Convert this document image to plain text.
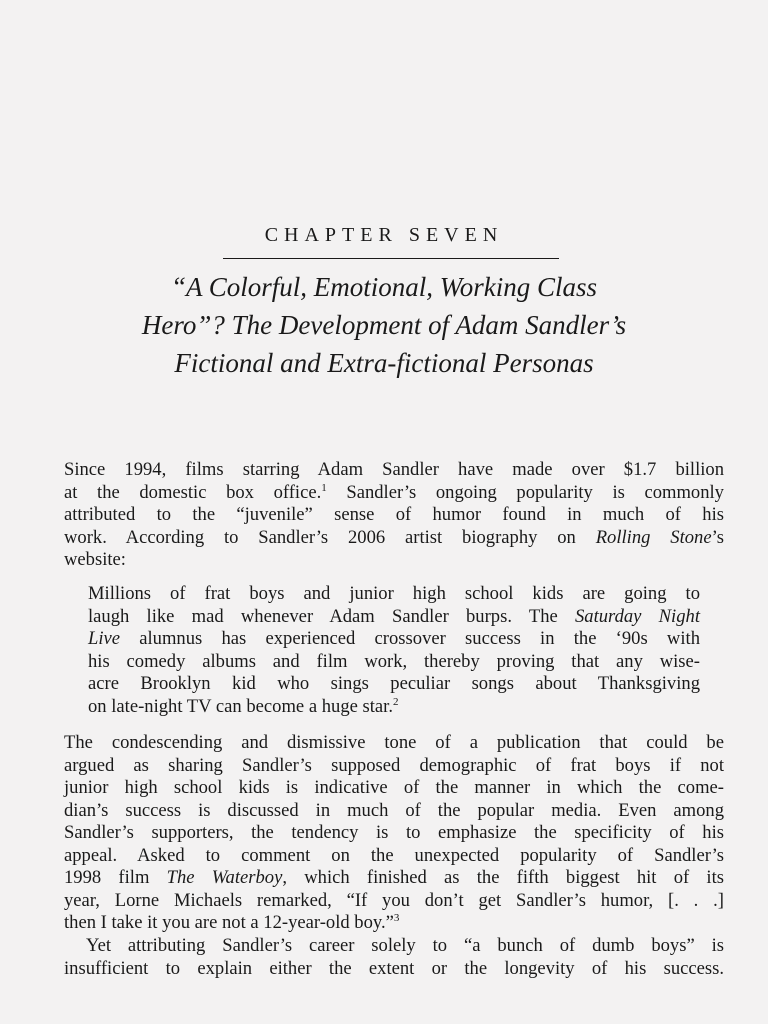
CHAPTER SEVEN
“A Colorful, Emotional, Working Class
Hero”? The Development of Adam Sandler’s
Fictional and Extra-fictional Personas
Since 1994, films starring Adam Sandler have made over $1.7 billion
at the domestic box office.$^1$ Sandler’s ongoing popularity is commonly
attributed to the “juvenile” sense of humor found in much of his
work. According to Sandler’s 2006 artist biography on Rolling Stone’s
website:
Millions of frat boys and junior high school kids are going to
laugh like mad whenever Adam Sandler burps. The Saturday Night
Live alumnus has experienced crossover success in the ‘90s with
his comedy albums and film work, thereby proving that any wise-
acre Brooklyn kid who sings peculiar songs about Thanksgiving
on late-night TV can become a huge star.$^2$
The condescending and dismissive tone of a publication that could be
argued as sharing Sandler’s supposed demographic of frat boys if not
junior high school kids is indicative of the manner in which the come-
dian’s success is discussed in much of the popular media. Even among
Sandler’s supporters, the tendency is to emphasize the specificity of his
appeal. Asked to comment on the unexpected popularity of Sandler’s
1998 film The Waterboy, which finished as the fifth biggest hit of its
year, Lorne Michaels remarked, “If you don’t get Sandler’s humor, [. . .]
then I take it you are not a 12-year-old boy.”$^3$
Yet attributing Sandler’s career solely to “a bunch of dumb boys” is
insufficient to explain either the extent or the longevity of his success.
